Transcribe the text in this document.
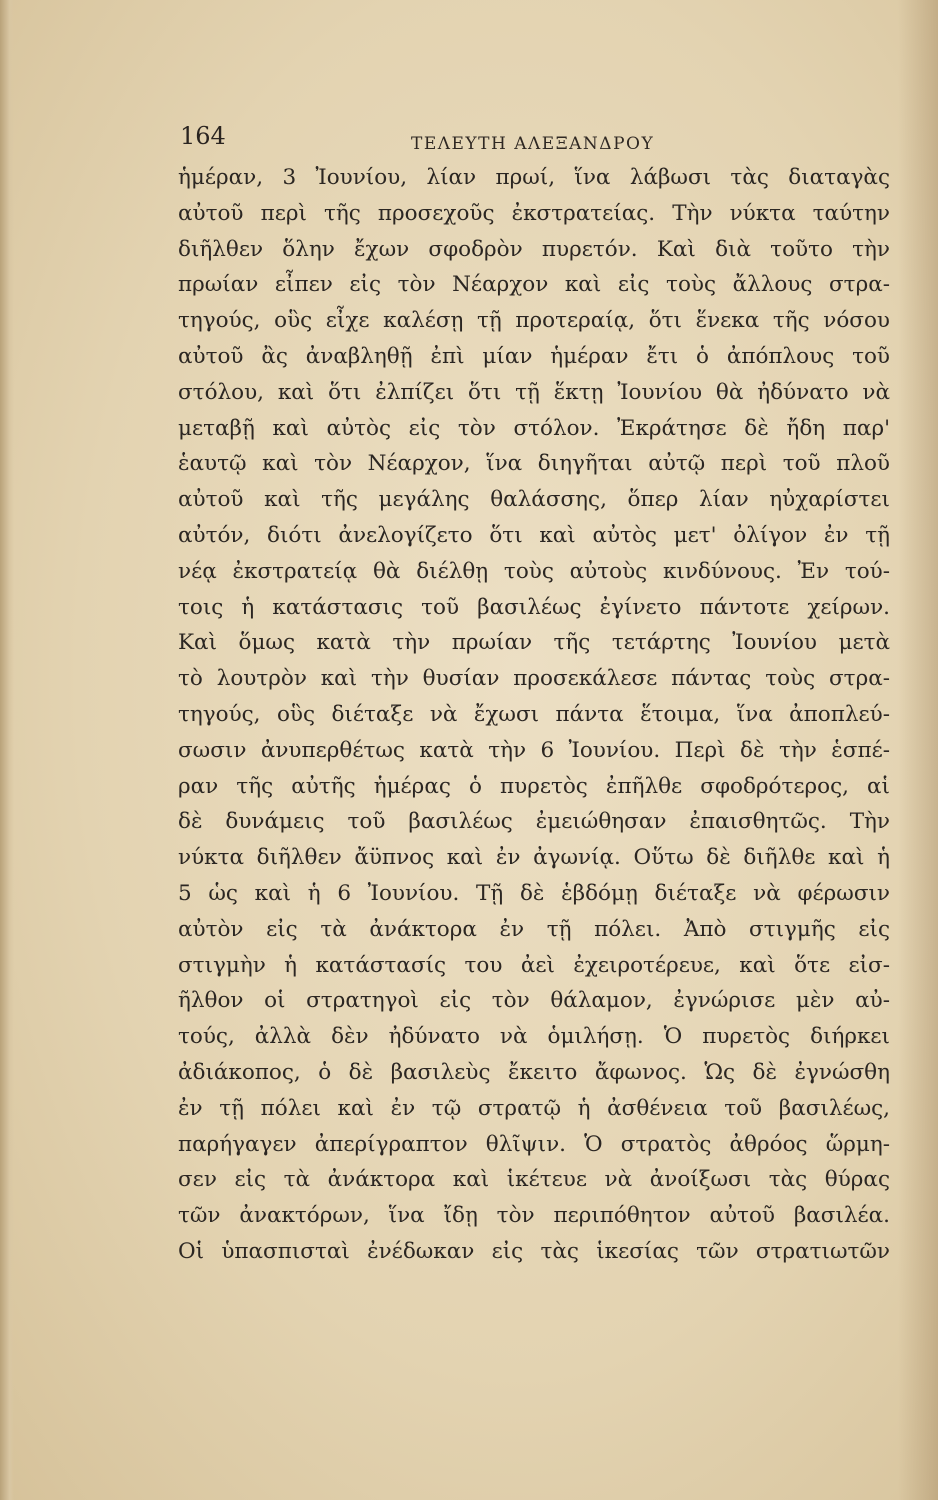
164	ΤΕΛΕΥΤΗ ΑΛΕΞΑΝΔΡΟΥ
ἡμέραν, 3 Ἰουνίου, λίαν πρωί, ἵνα λάβωσι τὰς διαταγὰς
αὐτοῦ περὶ τῆς προσεχοῦς ἐκστρατείας. Τὴν νύκτα ταύτην
διῆλθεν ὅλην ἔχων σφοδρὸν πυρετόν. Καὶ διὰ τοῦτο τὴν
πρωίαν εἶπεν εἰς τὸν Νέαρχον καὶ εἰς τοὺς ἄλλους στρα-
τηγούς, οὓς εἶχε καλέσῃ τῇ προτεραίᾳ, ὅτι ἕνεκα τῆς νόσου
αὐτοῦ ἂς ἀναβληθῇ ἐπὶ μίαν ἡμέραν ἔτι ὁ ἀπόπλους τοῦ
στόλου, καὶ ὅτι ἐλπίζει ὅτι τῇ ἕκτῃ Ἰουνίου θὰ ἠδύνατο νὰ
μεταβῇ καὶ αὐτὸς εἰς τὸν στόλον. Ἐκράτησε δὲ ἤδη παρ'
ἑαυτῷ καὶ τὸν Νέαρχον, ἵνα διηγῆται αὐτῷ περὶ τοῦ πλοῦ
αὐτοῦ καὶ τῆς μεγάλης θαλάσσης, ὅπερ λίαν ηὐχαρίστει
αὐτόν, διότι ἀνελογίζετο ὅτι καὶ αὐτὸς μετ' ὀλίγον ἐν τῇ
νέᾳ ἐκστρατείᾳ θὰ διέλθῃ τοὺς αὐτοὺς κινδύνους. Ἐν τού-
τοις ἡ κατάστασις τοῦ βασιλέως ἐγίνετο πάντοτε χείρων.
Καὶ ὅμως κατὰ τὴν πρωίαν τῆς τετάρτης Ἰουνίου μετὰ
τὸ λουτρὸν καὶ τὴν θυσίαν προσεκάλεσε πάντας τοὺς στρα-
τηγούς, οὓς διέταξε νὰ ἔχωσι πάντα ἕτοιμα, ἵνα ἀποπλεύ-
σωσιν ἀνυπερθέτως κατὰ τὴν 6 Ἰουνίου. Περὶ δὲ τὴν ἑσπέ-
ραν τῆς αὐτῆς ἡμέρας ὁ πυρετὸς ἐπῆλθε σφοδρότερος, αἱ
δὲ δυνάμεις τοῦ βασιλέως ἐμειώθησαν ἐπαισθητῶς. Τὴν
νύκτα διῆλθεν ἄϋπνος καὶ ἐν ἀγωνίᾳ. Οὕτω δὲ διῆλθε καὶ ἡ
5 ὡς καὶ ἡ 6 Ἰουνίου. Τῇ δὲ ἑβδόμῃ διέταξε νὰ φέρωσιν
αὐτὸν εἰς τὰ ἀνάκτορα ἐν τῇ πόλει. Ἀπὸ στιγμῆς εἰς
στιγμὴν ἡ κατάστασίς του ἀεὶ ἐχειροτέρευε, καὶ ὅτε εἰσ-
ῆλθον οἱ στρατηγοὶ εἰς τὸν θάλαμον, ἐγνώρισε μὲν αὐ-
τούς, ἀλλὰ δὲν ἠδύνατο νὰ ὁμιλήσῃ. Ὁ πυρετὸς διήρκει
ἀδιάκοπος, ὁ δὲ βασιλεὺς ἔκειτο ἄφωνος. Ὡς δὲ ἐγνώσθη
ἐν τῇ πόλει καὶ ἐν τῷ στρατῷ ἡ ἀσθένεια τοῦ βασιλέως,
παρήγαγεν ἀπερίγραπτον θλῖψιν. Ὁ στρατὸς ἀθρόος ὥρμη-
σεν εἰς τὰ ἀνάκτορα καὶ ἱκέτευε νὰ ἀνοίξωσι τὰς θύρας
τῶν ἀνακτόρων, ἵνα ἴδῃ τὸν περιπόθητον αὐτοῦ βασιλέα.
Οἱ ὑπασπισταὶ ἐνέδωκαν εἰς τὰς ἱκεσίας τῶν στρατιωτῶν
